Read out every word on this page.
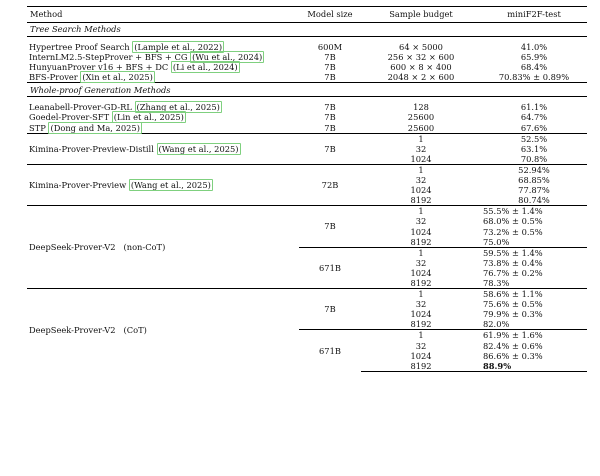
Method	Model size	Sample budget	miniF2F-test
Tree Search Methods			

Hypertree Proof Search (Lample et al., 2022)	600M	64 × 5000	41.0%
InternLM2.5-StepProver + BFS + CG (Wu et al., 2024)	7B	256 × 32 × 600	65.9%
HunyuanProver v16 + BFS + DC (Li et al., 2024)	7B	600 × 8 × 400	68.4%
BFS-Prover (Xin et al., 2025)	7B	2048 × 2 × 600	70.83% ± 0.89%
Whole-proof Generation Methods			

Leanabell-Prover-GD-RL (Zhang et al., 2025)	7B	128	61.1%
Goedel-Prover-SFT (Lin et al., 2025)	7B	25600	64.7%
STP (Dong and Ma, 2025)	7B	25600	67.6%
Kimina-Prover-Preview-Distill (Wang et al., 2025)	7B	1	52.5%
		32	63.1%
		1024	70.8%
Kimina-Prover-Preview (Wang et al., 2025)	72B	1	52.94%
		32	68.85%
		1024	77.87%
		8192	80.74%
DeepSeek-Prover-V2 (non-CoT)	7B	1	55.5% ± 1.4%
		32	68.0% ± 0.5%
		1024	73.2% ± 0.5%
		8192	75.0%
	671B	1	59.5% ± 1.4%
		32	73.8% ± 0.4%
		1024	76.7% ± 0.2%
		8192	78.3%
DeepSeek-Prover-V2 (CoT)	7B	1	58.6% ± 1.1%
		32	75.6% ± 0.5%
		1024	79.9% ± 0.3%
		8192	82.0%
	671B	1	61.9% ± 1.6%
		32	82.4% ± 0.6%
		1024	86.6% ± 0.3%
		8192	88.9%
